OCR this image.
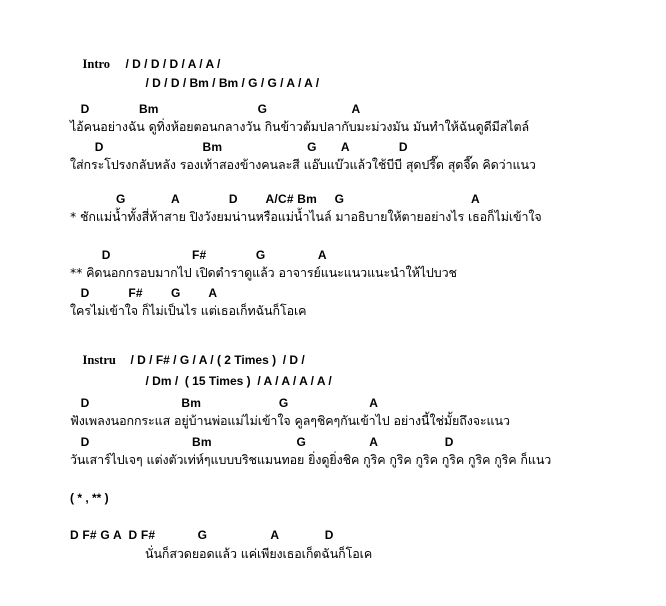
Intro
	/ D / D / D / A / A /

/ D / D / Bm / Bm / G / G / A / A /

D              Bm                            G                        A
ไอ้คนอย่างฉัน ดูทิ่งห้อยตอนกลางวัน กินข้าวต้มปลากับมะม่วงมัน มันทำให้ฉันดูดีมีสไตล์
D                            Bm                        G       A              D
ใส่กระโปรงกลับหลัง รองเท้าสองข้างคนละสี แอ๊บแบ๊วแล้วใช้บีบี สุดปรี๊ด สุดจี๊ด คิดว่าแนว
G             A              D        A/C# Bm     G                                    A
* ชักแม่น้ำทั้งสี่ห้าสาย ปิงวังยมน่านหรือแม่น้ำไนล์ มาอธิบายให้ตายอย่างไร เธอก็ไม่เข้าใจ
D                       F#              G               A
** คิดนอกกรอบมากไป เปิดตำราดูแล้ว อาจารย์แนะแนวแนะนำให้ไปบวช
D           F#        G        A
ใครไม่เข้าใจ ก็ไม่เป็นไร แต่เธอเก็ทฉันก็โอเค

Instru
	/ D / F# / G / A / ( 2 Times )  / D /

/ Dm /  ( 15 Times )  / A / A / A / A /

D                          Bm                      G                       A
ฟังเพลงนอกกระแส อยู่บ้านพ่อแม่ไม่เข้าใจ คูลๆชิคๆกันเข้าไป อย่างนี้ใช่มั้ยถึงจะแนว
D                             Bm                        G                  A                   D
วันเสาร์ไปเจๆ แต่งตัวเท่ห์ๆแบบบริชแมนทอย ยิ่งดูยิ่งชิค กูริค กูริค กูริค กูริค กูริค กูริค ก็แนว
( * , ** )
D F# G A  D F#            G                  A             D
นั่นก็สวดยอดแล้ว แค่เพียงเธอเก็ตฉันก็โอเค
